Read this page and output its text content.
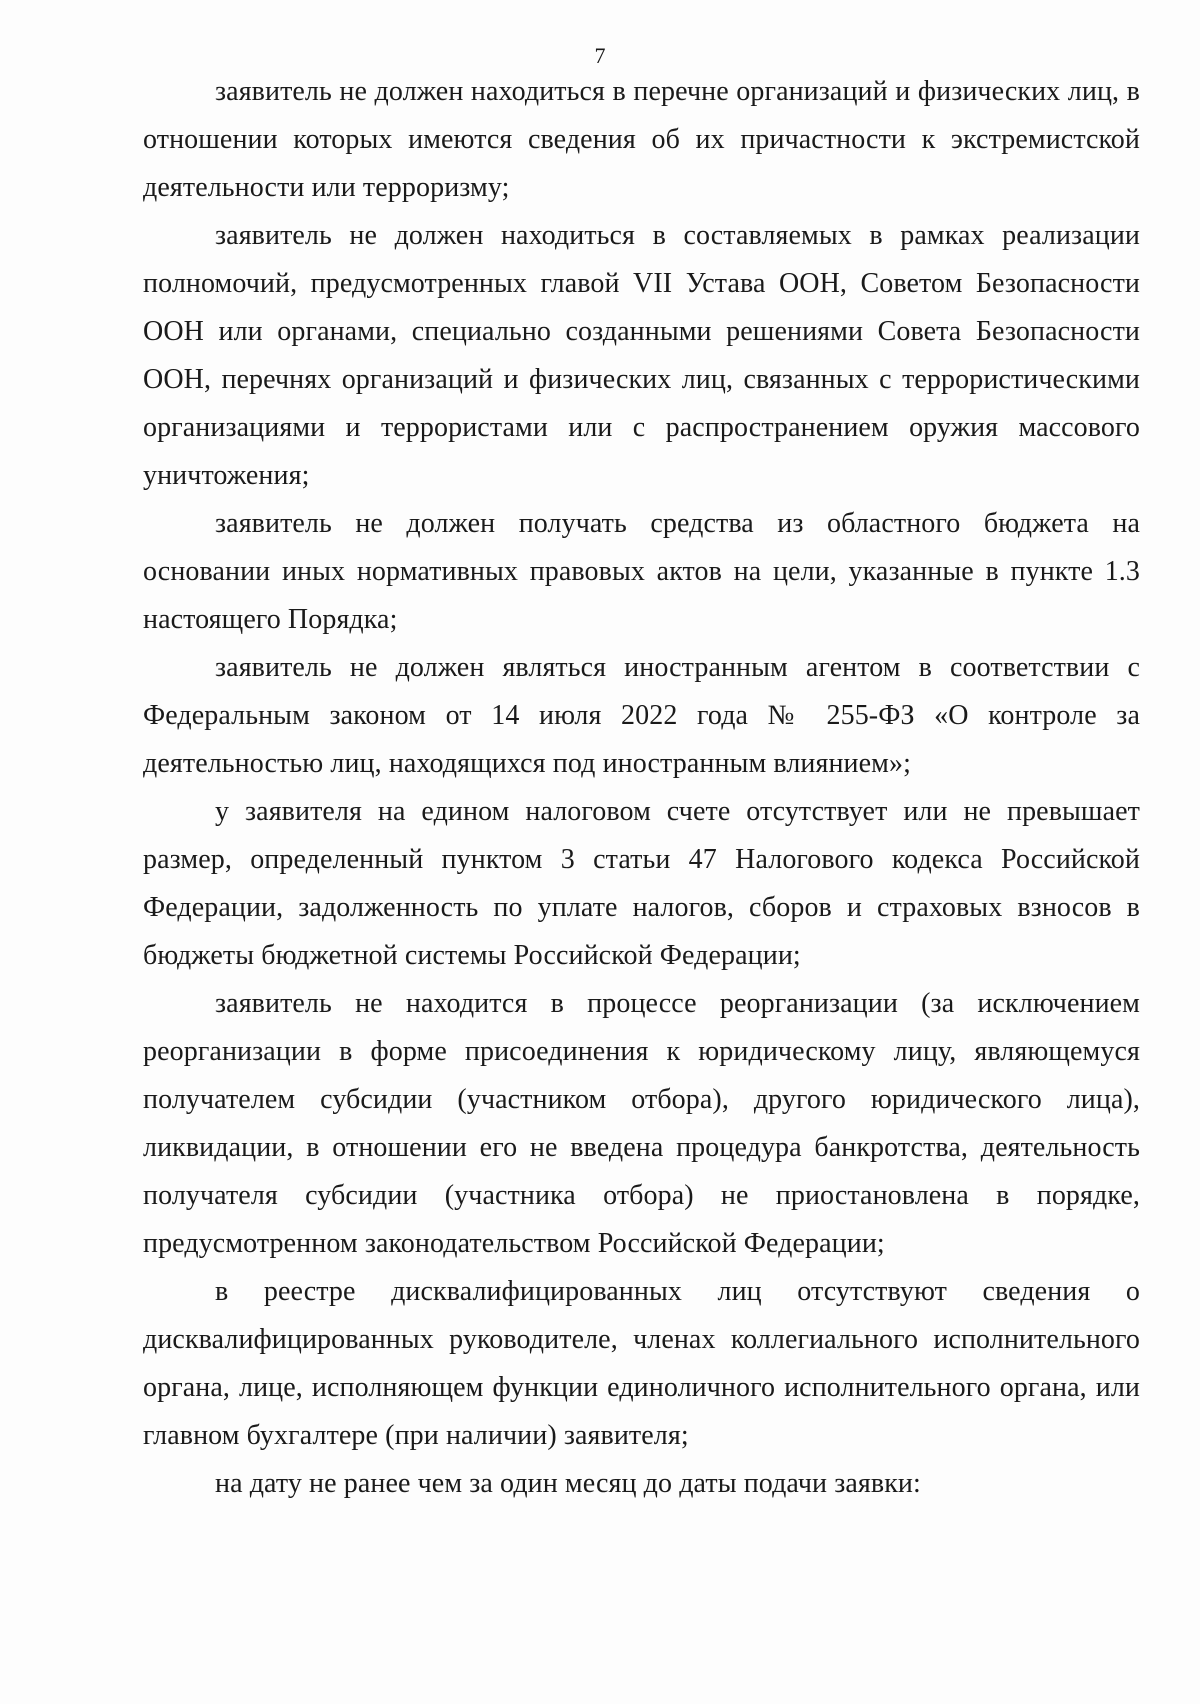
7

заявитель не должен находиться в перечне организаций и физических лиц, в отношении которых имеются сведения об их причастности к экстремистской деятельности или терроризму;

заявитель не должен находиться в составляемых в рамках реализации полномочий, предусмотренных главой VII Устава ООН, Советом Безопасности ООН или органами, специально созданными решениями Совета Безопасности ООН, перечнях организаций и физических лиц, связанных с террористическими организациями и террористами или с распространением оружия массового уничтожения;

заявитель не должен получать средства из областного бюджета на основании иных нормативных правовых актов на цели, указанные в пункте 1.3 настоящего Порядка;

заявитель не должен являться иностранным агентом в соответствии с Федеральным законом от 14 июля 2022 года № 255-ФЗ «О контроле за деятельностью лиц, находящихся под иностранным влиянием»;

у заявителя на едином налоговом счете отсутствует или не превышает размер, определенный пунктом 3 статьи 47 Налогового кодекса Российской Федерации, задолженность по уплате налогов, сборов и страховых взносов в бюджеты бюджетной системы Российской Федерации;

заявитель не находится в процессе реорганизации (за исключением реорганизации в форме присоединения к юридическому лицу, являющемуся получателем субсидии (участником отбора), другого юридического лица), ликвидации, в отношении его не введена процедура банкротства, деятельность получателя субсидии (участника отбора) не приостановлена в порядке, предусмотренном законодательством Российской Федерации;

в реестре дисквалифицированных лиц отсутствуют сведения о дисквалифицированных руководителе, членах коллегиального исполнительного органа, лице, исполняющем функции единоличного исполнительного органа, или главном бухгалтере (при наличии) заявителя;

на дату не ранее чем за один месяц до даты подачи заявки:
